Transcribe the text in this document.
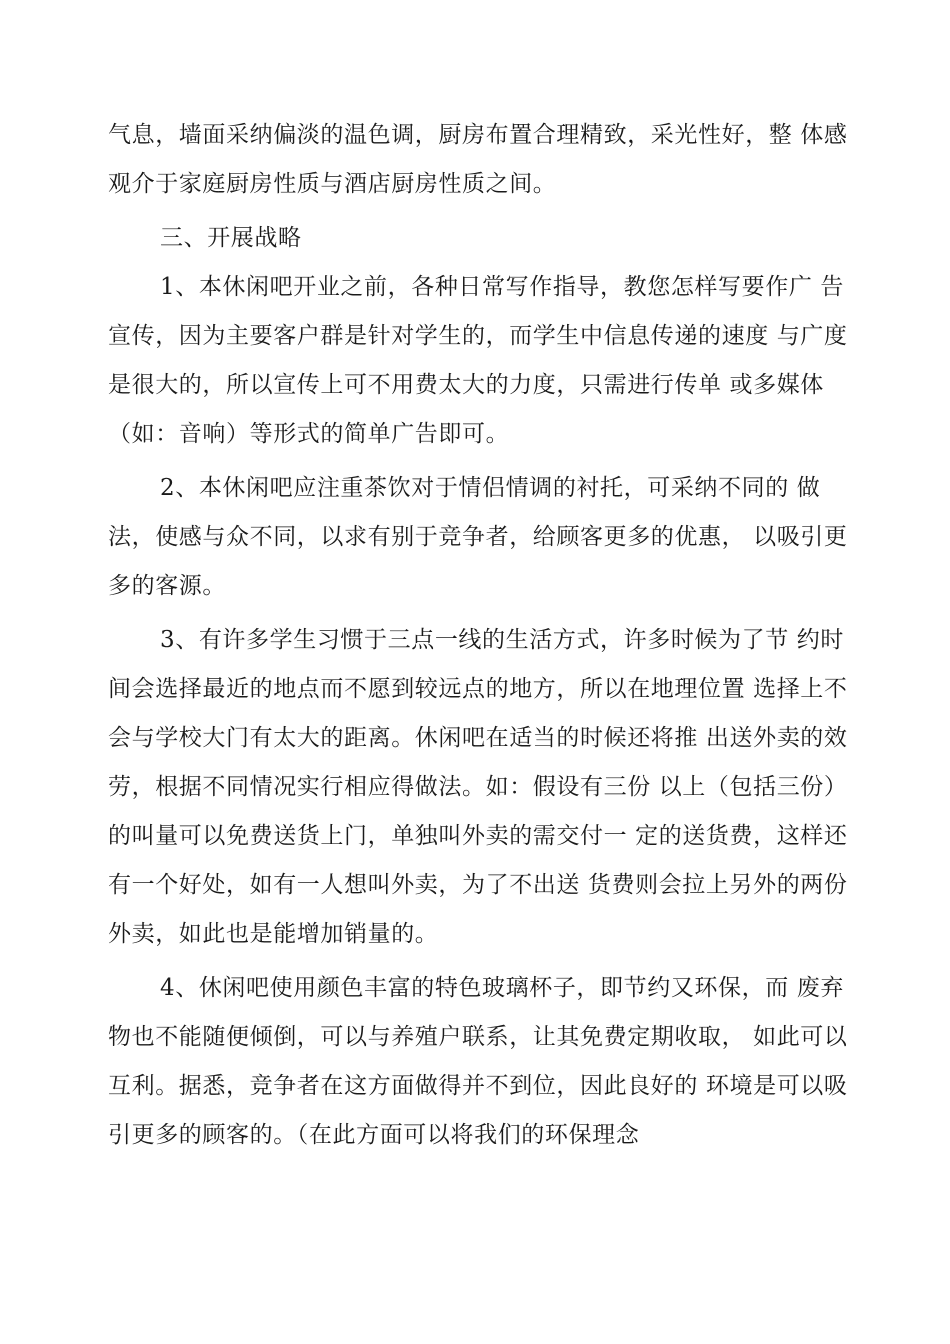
气息，墙面采纳偏淡的温色调，厨房布置合理精致，采光性好，整 体感
观介于家庭厨房性质与酒店厨房性质之间。
三、开展战略
1、本休闲吧开业之前，各种日常写作指导，教您怎样写要作广 告
宣传，因为主要客户群是针对学生的，而学生中信息传递的速度 与广度
是很大的，所以宣传上可不用费太大的力度，只需进行传单 或多媒体
（如：音响）等形式的简单广告即可。
2、本休闲吧应注重茶饮对于情侣情调的衬托，可采纳不同的 做
法，使感与众不同，以求有别于竞争者，给顾客更多的优惠， 以吸引更
多的客源。
3、有许多学生习惯于三点一线的生活方式，许多时候为了节 约时
间会选择最近的地点而不愿到较远点的地方，所以在地理位置 选择上不
会与学校大门有太大的距离。休闲吧在适当的时候还将推 出送外卖的效
劳，根据不同情况实行相应得做法。如：假设有三份 以上（包括三份）
的叫量可以免费送货上门，单独叫外卖的需交付一 定的送货费，这样还
有一个好处，如有一人想叫外卖，为了不出送 货费则会拉上另外的两份
外卖，如此也是能增加销量的。
4、休闲吧使用颜色丰富的特色玻璃杯子，即节约又环保，而 废弃
物也不能随便倾倒，可以与养殖户联系，让其免费定期收取， 如此可以
互利。据悉，竞争者在这方面做得并不到位，因此良好的 环境是可以吸
引更多的顾客的。（在此方面可以将我们的环保理念
